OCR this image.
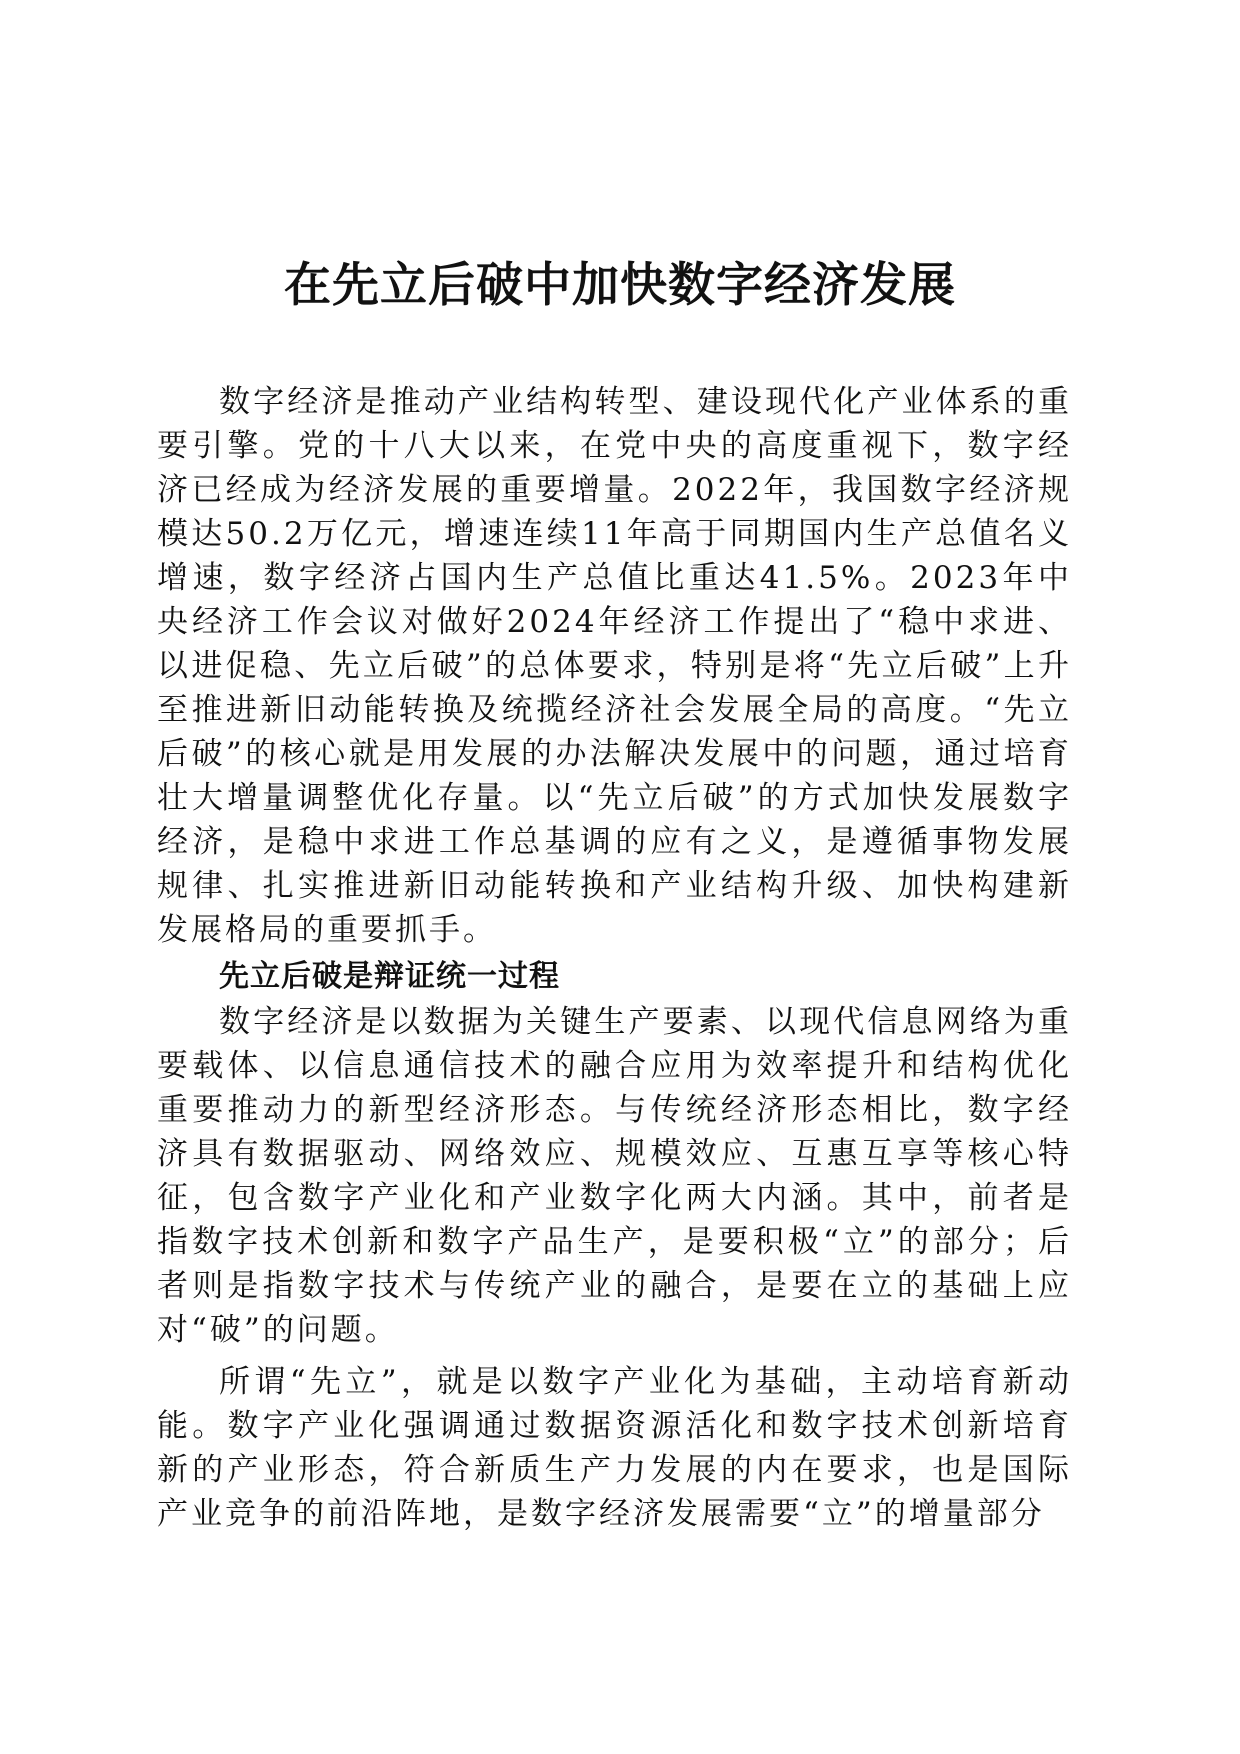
在先立后破中加快数字经济发展

数字经济是推动产业结构转型、建设现代化产业体系的重要引擎。党的十八大以来，在党中央的高度重视下，数字经济已经成为经济发展的重要增量。2022年，我国数字经济规模达50.2万亿元，增速连续11年高于同期国内生产总值名义增速，数字经济占国内生产总值比重达41.5%。2023年中央经济工作会议对做好2024年经济工作提出了“稳中求进、以进促稳、先立后破”的总体要求，特别是将“先立后破”上升至推进新旧动能转换及统揽经济社会发展全局的高度。“先立后破”的核心就是用发展的办法解决发展中的问题，通过培育壮大增量调整优化存量。以“先立后破”的方式加快发展数字经济，是稳中求进工作总基调的应有之义，是遵循事物发展规律、扎实推进新旧动能转换和产业结构升级、加快构建新发展格局的重要抓手。

先立后破是辩证统一过程

数字经济是以数据为关键生产要素、以现代信息网络为重要载体、以信息通信技术的融合应用为效率提升和结构优化重要推动力的新型经济形态。与传统经济形态相比，数字经济具有数据驱动、网络效应、规模效应、互惠互享等核心特征，包含数字产业化和产业数字化两大内涵。其中，前者是指数字技术创新和数字产品生产，是要积极“立”的部分；后者则是指数字技术与传统产业的融合，是要在立的基础上应对“破”的问题。

所谓“先立”，就是以数字产业化为基础，主动培育新动能。数字产业化强调通过数据资源活化和数字技术创新培育新的产业形态，符合新质生产力发展的内在要求，也是国际产业竞争的前沿阵地，是数字经济发展需要“立”的增量部分
